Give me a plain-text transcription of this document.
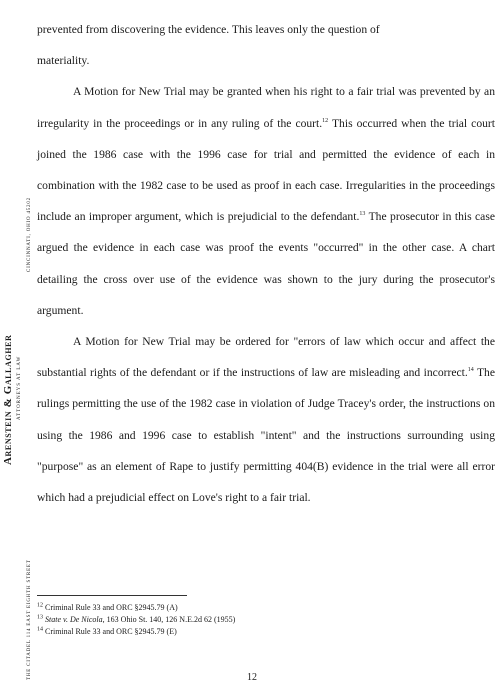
Arenstein & Gallagher ATTORNEYS AT LAW
THE CITADEL 114 EAST EIGHTH STREET
CINCINNATI, OHIO 45202

prevented from discovering the evidence. This leaves only the question of

materiality.

A Motion for New Trial may be granted when his right to a fair trial was prevented by an irregularity in the proceedings or in any ruling of the court.$^{12}$ This occurred when the trial court joined the 1986 case with the 1996 case for trial and permitted the evidence of each in combination with the 1982 case to be used as proof in each case. Irregularities in the proceedings include an improper argument, which is prejudicial to the defendant.$^{13}$ The prosecutor in this case argued the evidence in each case was proof the events "occurred" in the other case. A chart detailing the cross over use of the evidence was shown to the jury during the prosecutor's argument.

A Motion for New Trial may be ordered for "errors of law which occur and affect the substantial rights of the defendant or if the instructions of law are misleading and incorrect.$^{14}$ The rulings permitting the use of the 1982 case in violation of Judge Tracey's order, the instructions on using the 1986 and 1996 case to establish "intent" and the instructions surrounding using "purpose" as an element of Rape to justify permitting 404(B) evidence in the trial were all error which had a prejudicial effect on Love's right to a fair trial.

$^{12}$ Criminal Rule 33 and ORC §2945.79 (A)
$^{13}$ State v. De Nicola, 163 Ohio St. 140, 126 N.E.2d 62 (1955)
$^{14}$ Criminal Rule 33 and ORC §2945.79 (E)
12
